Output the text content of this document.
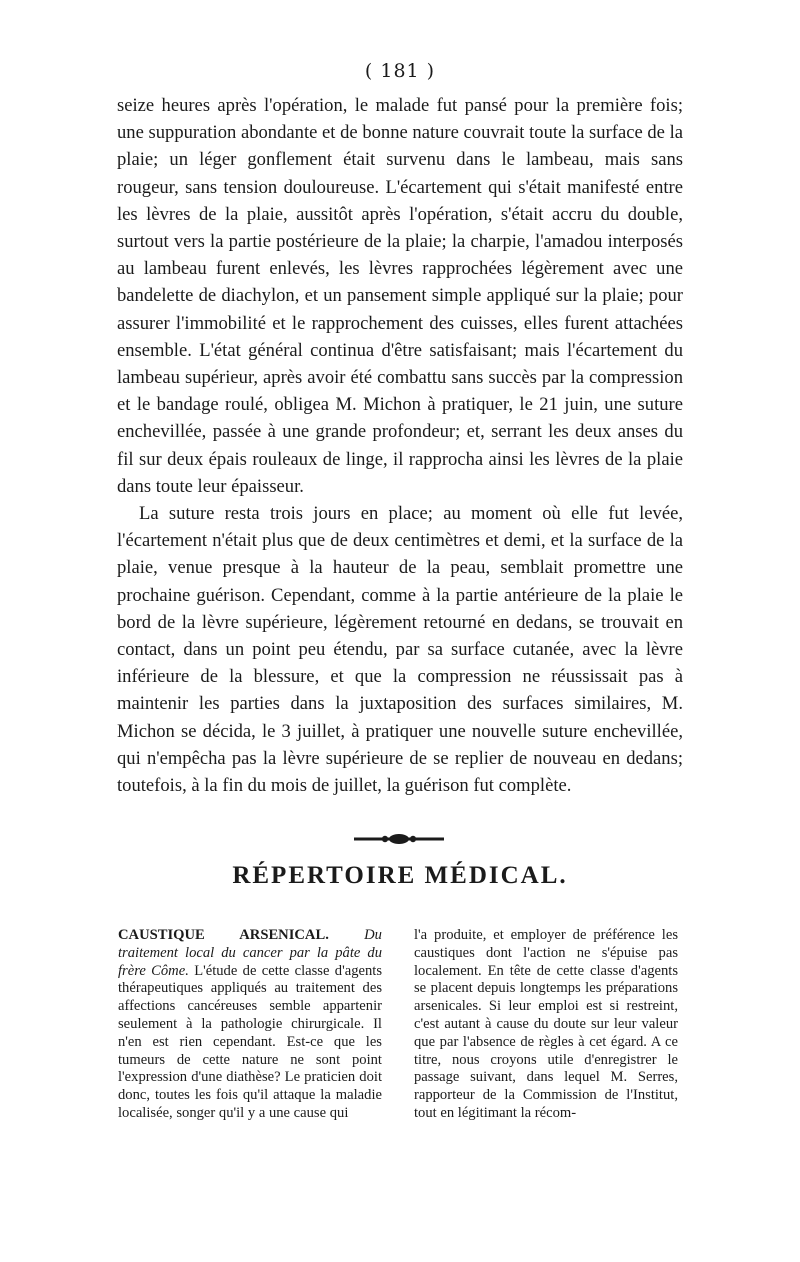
( 181 )

seize heures après l'opération, le malade fut pansé pour la première fois; une suppuration abondante et de bonne nature couvrait toute la surface de la plaie; un léger gonflement était survenu dans le lambeau, mais sans rougeur, sans tension douloureuse. L'écartement qui s'était manifesté entre les lèvres de la plaie, aussitôt après l'opération, s'était accru du double, surtout vers la partie postérieure de la plaie; la charpie, l'amadou interposés au lambeau furent enlevés, les lèvres rapprochées légèrement avec une bandelette de diachylon, et un pansement simple appliqué sur la plaie; pour assurer l'immobilité et le rapprochement des cuisses, elles furent attachées ensemble. L'état général continua d'être satisfaisant; mais l'écartement du lambeau supérieur, après avoir été combattu sans succès par la compression et le bandage roulé, obligea M. Michon à pratiquer, le 21 juin, une suture enchevillée, passée à une grande profondeur; et, serrant les deux anses du fil sur deux épais rouleaux de linge, il rapprocha ainsi les lèvres de la plaie dans toute leur épaisseur.

La suture resta trois jours en place; au moment où elle fut levée, l'écartement n'était plus que de deux centimètres et demi, et la surface de la plaie, venue presque à la hauteur de la peau, semblait promettre une prochaine guérison. Cependant, comme à la partie antérieure de la plaie le bord de la lèvre supérieure, légèrement retourné en dedans, se trouvait en contact, dans un point peu étendu, par sa surface cutanée, avec la lèvre inférieure de la blessure, et que la compression ne réussissait pas à maintenir les parties dans la juxtaposition des surfaces similaires, M. Michon se décida, le 3 juillet, à pratiquer une nouvelle suture enchevillée, qui n'empêcha pas la lèvre supérieure de se replier de nouveau en dedans; toutefois, à la fin du mois de juillet, la guérison fut complète.

RÉPERTOIRE MÉDICAL.

CAUSTIQUE ARSENICAL. Du traitement local du cancer par la pâte du frère Côme. L'étude de cette classe d'agents thérapeutiques appliqués au traitement des affections cancéreuses semble appartenir seulement à la pathologie chirurgicale. Il n'en est rien cependant. Est-ce que les tumeurs de cette nature ne sont point l'expression d'une diathèse? Le praticien doit donc, toutes les fois qu'il attaque la maladie localisée, songer qu'il y a une cause qui

l'a produite, et employer de préférence les caustiques dont l'action ne s'épuise pas localement. En tête de cette classe d'agents se placent depuis longtemps les préparations arsenicales. Si leur emploi est si restreint, c'est autant à cause du doute sur leur valeur que par l'absence de règles à cet égard. A ce titre, nous croyons utile d'enregistrer le passage suivant, dans lequel M. Serres, rapporteur de la Commission de l'Institut, tout en légitimant la récom-
